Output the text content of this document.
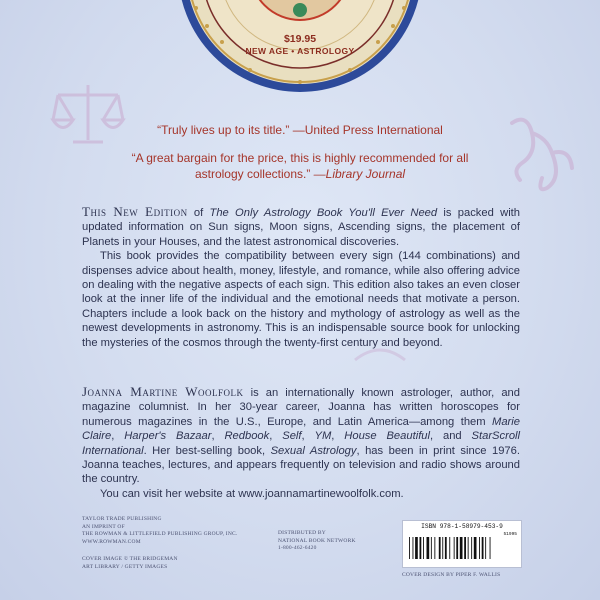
$19.95
NEW AGE • ASTROLOGY
“Truly lives up to its title.” —United Press International
“A great bargain for the price, this is highly recommended for all astrology collections.” —Library Journal
This New Edition of The Only Astrology Book You'll Ever Need is packed with updated information on Sun signs, Moon signs, Ascending signs, the placement of Planets in your Houses, and the latest astronomical discoveries.
This book provides the compatibility between every sign (144 combinations) and dispenses advice about health, money, lifestyle, and romance, while also offering advice on dealing with the negative aspects of each sign. This edition also takes an even closer look at the inner life of the individual and the emotional needs that motivate a person. Chapters include a look back on the history and mythology of astrology as well as the newest developments in astronomy. This is an indispensable source book for unlocking the mysteries of the cosmos through the twenty-first century and beyond.
Joanna Martine Woolfolk is an internationally known astrologer, author, and magazine columnist. In her 30-year career, Joanna has written horoscopes for numerous magazines in the U.S., Europe, and Latin America—among them Marie Claire, Harper's Bazaar, Redbook, Self, YM, House Beautiful, and StarScroll International. Her best-selling book, Sexual Astrology, has been in print since 1976. Joanna teaches, lectures, and appears frequently on television and radio shows around the country.
You can visit her website at www.joannamartinewoolfolk.com.
TAYLOR TRADE PUBLISHING
AN IMPRINT OF
THE ROWMAN & LITTLEFIELD PUBLISHING GROUP, INC.
WWW.ROWMAN.COM
COVER IMAGE © THE BRIDGEMAN
ART LIBRARY / GETTY IMAGES
DISTRIBUTED BY
NATIONAL BOOK NETWORK
1-800-462-6420
COVER DESIGN BY PIPER F. WALLIS
ISBN 978-1-58979-453-9
51995
